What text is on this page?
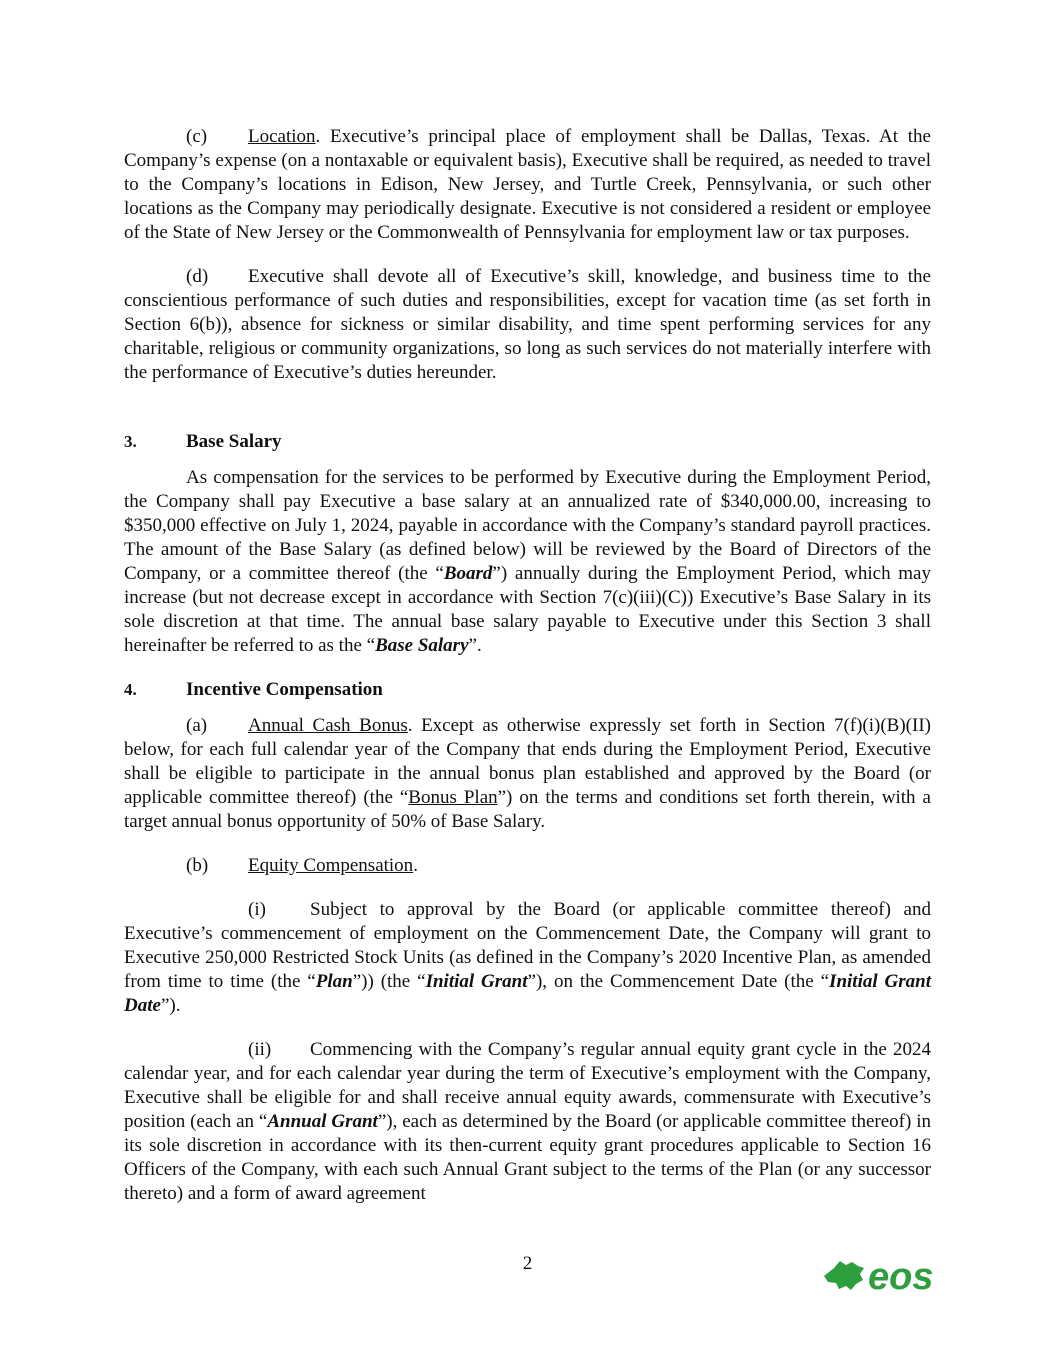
(c) Location. Executive’s principal place of employment shall be Dallas, Texas. At the Company’s expense (on a nontaxable or equivalent basis), Executive shall be required, as needed to travel to the Company’s locations in Edison, New Jersey, and Turtle Creek, Pennsylvania, or such other locations as the Company may periodically designate. Executive is not considered a resident or employee of the State of New Jersey or the Commonwealth of Pennsylvania for employment law or tax purposes.

(d) Executive shall devote all of Executive’s skill, knowledge, and business time to the conscientious performance of such duties and responsibilities, except for vacation time (as set forth in Section 6(b)), absence for sickness or similar disability, and time spent performing services for any charitable, religious or community organizations, so long as such services do not materially interfere with the performance of Executive’s duties hereunder.

3.	Base Salary

As compensation for the services to be performed by Executive during the Employment Period, the Company shall pay Executive a base salary at an annualized rate of $340,000.00, increasing to $350,000 effective on July 1, 2024, payable in accordance with the Company’s standard payroll practices. The amount of the Base Salary (as defined below) will be reviewed by the Board of Directors of the Company, or a committee thereof (the “Board”) annually during the Employment Period, which may increase (but not decrease except in accordance with Section 7(c)(iii)(C)) Executive’s Base Salary in its sole discretion at that time. The annual base salary payable to Executive under this Section 3 shall hereinafter be referred to as the “Base Salary”.

4.	Incentive Compensation

(a) Annual Cash Bonus. Except as otherwise expressly set forth in Section 7(f)(i)(B)(II) below, for each full calendar year of the Company that ends during the Employment Period, Executive shall be eligible to participate in the annual bonus plan established and approved by the Board (or applicable committee thereof) (the “Bonus Plan”) on the terms and conditions set forth therein, with a target annual bonus opportunity of 50% of Base Salary.

(b) Equity Compensation.

(i) Subject to approval by the Board (or applicable committee thereof) and Executive’s commencement of employment on the Commencement Date, the Company will grant to Executive 250,000 Restricted Stock Units (as defined in the Company’s 2020 Incentive Plan, as amended from time to time (the “Plan”)) (the “Initial Grant”), on the Commencement Date (the “Initial Grant Date”).

(ii) Commencing with the Company’s regular annual equity grant cycle in the 2024 calendar year, and for each calendar year during the term of Executive’s employment with the Company, Executive shall be eligible for and shall receive annual equity awards, commensurate with Executive’s position (each an “Annual Grant”), each as determined by the Board (or applicable committee thereof) in its sole discretion in accordance with its then-current equity grant procedures applicable to Section 16 Officers of the Company, with each such Annual Grant subject to the terms of the Plan (or any successor thereto) and a form of award agreement

2	eos
